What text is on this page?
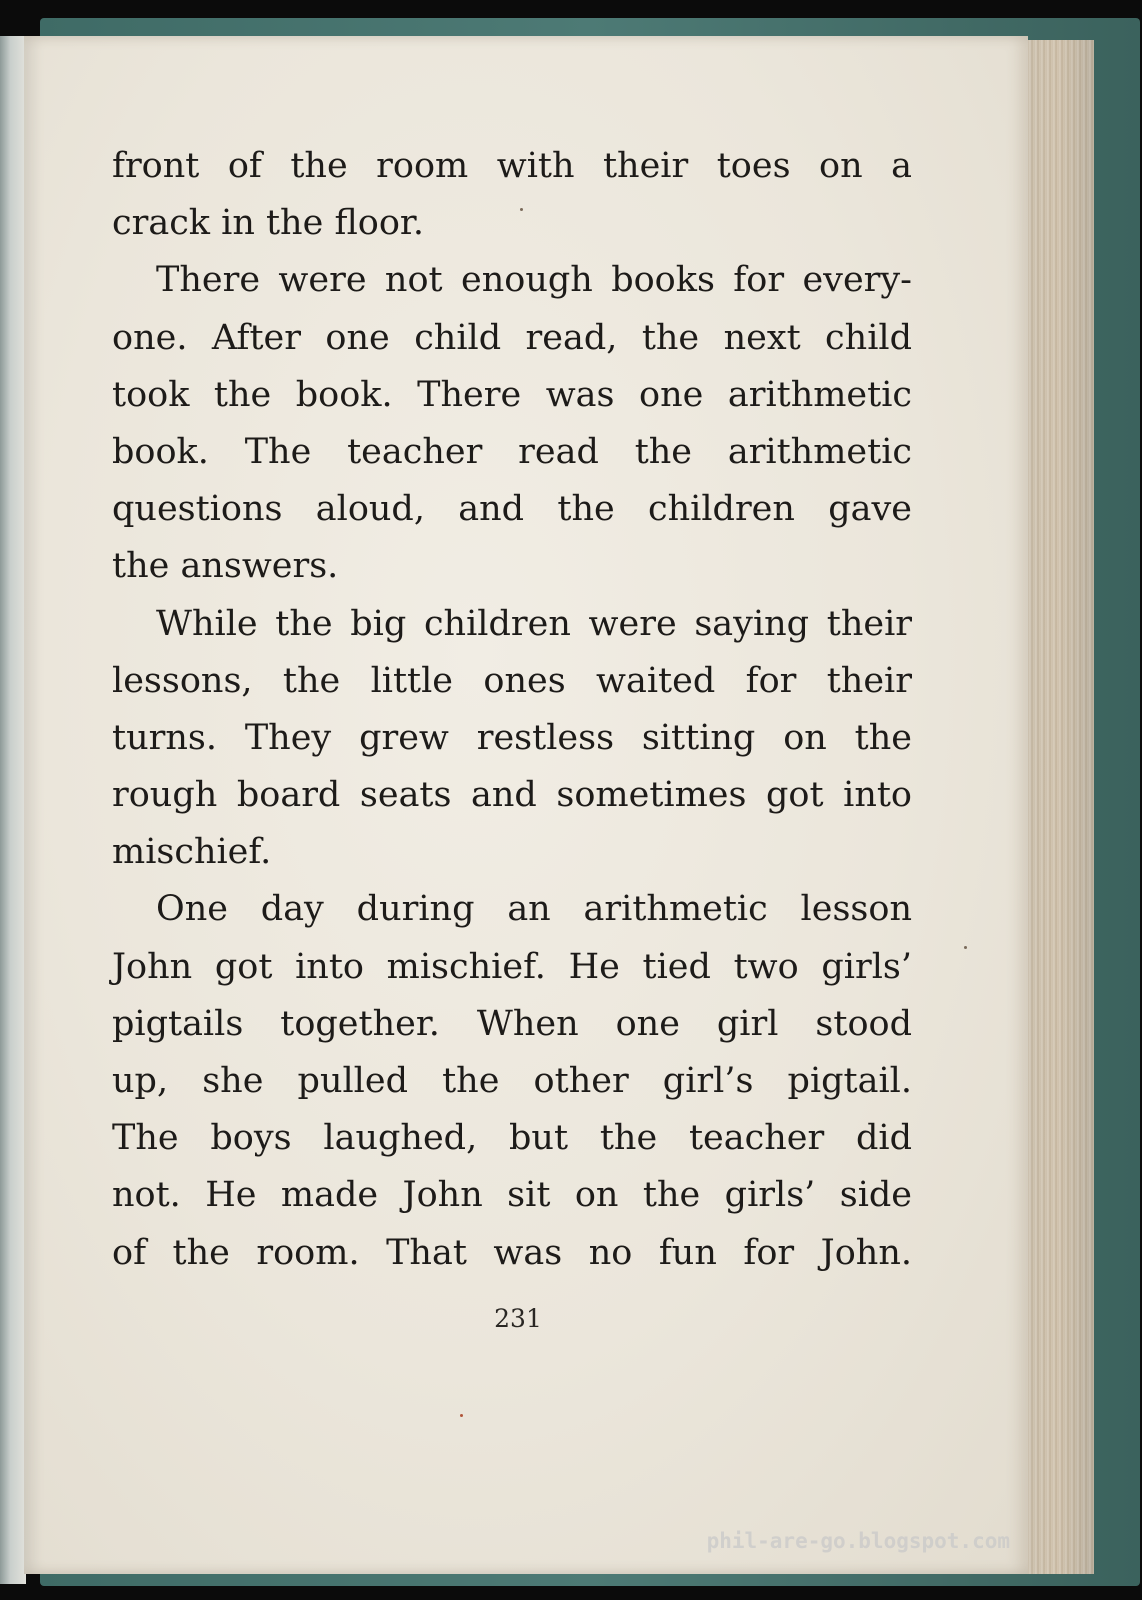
front of the room with their toes on a
crack in the floor.
There were not enough books for every-
one. After one child read, the next child
took the book. There was one arithmetic
book. The teacher read the arithmetic
questions aloud, and the children gave
the answers.
While the big children were saying their
lessons, the little ones waited for their
turns. They grew restless sitting on the
rough board seats and sometimes got into
mischief.
One day during an arithmetic lesson
John got into mischief. He tied two girls’
pigtails together. When one girl stood
up, she pulled the other girl’s pigtail.
The boys laughed, but the teacher did
not. He made John sit on the girls’ side
of the room. That was no fun for John.
231
phil-are-go.blogspot.com
